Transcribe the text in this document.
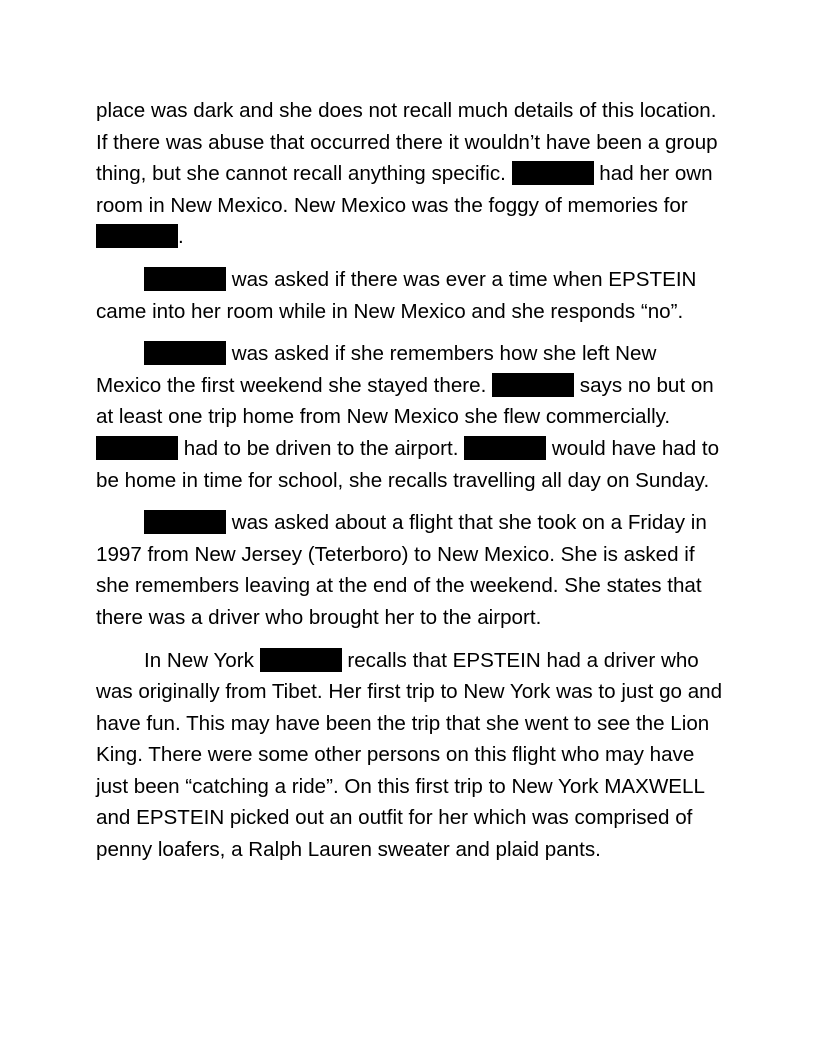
place was dark and she does not recall much details of this location. If there was abuse that occurred there it wouldn’t have been a group thing, but she cannot recall anything specific.	had her own room in New Mexico. New Mexico was the foggy of memories for .

was asked if there was ever a time when EPSTEIN came into her room while in New Mexico and she responds “no”.

was asked if she remembers how she left New Mexico the first weekend she stayed there.	says no but on at least one trip home from New Mexico she flew commercially.  had to be driven to the airport.	would have had to be home in time for school, she recalls travelling all day on Sunday.

was asked about a flight that she took on a Friday in 1997 from New Jersey (Teterboro) to New Mexico. She is asked if she remembers leaving at the end of the weekend. She states that there was a driver who brought her to the airport.

In New York	recalls that EPSTEIN had a driver who was originally from Tibet. Her first trip to New York was to just go and have fun. This may have been the trip that she went to see the Lion King. There were some other persons on this flight who may have just been “catching a ride”. On this first trip to New York MAXWELL and EPSTEIN picked out an outfit for her which was comprised of penny loafers, a Ralph Lauren sweater and plaid pants.
